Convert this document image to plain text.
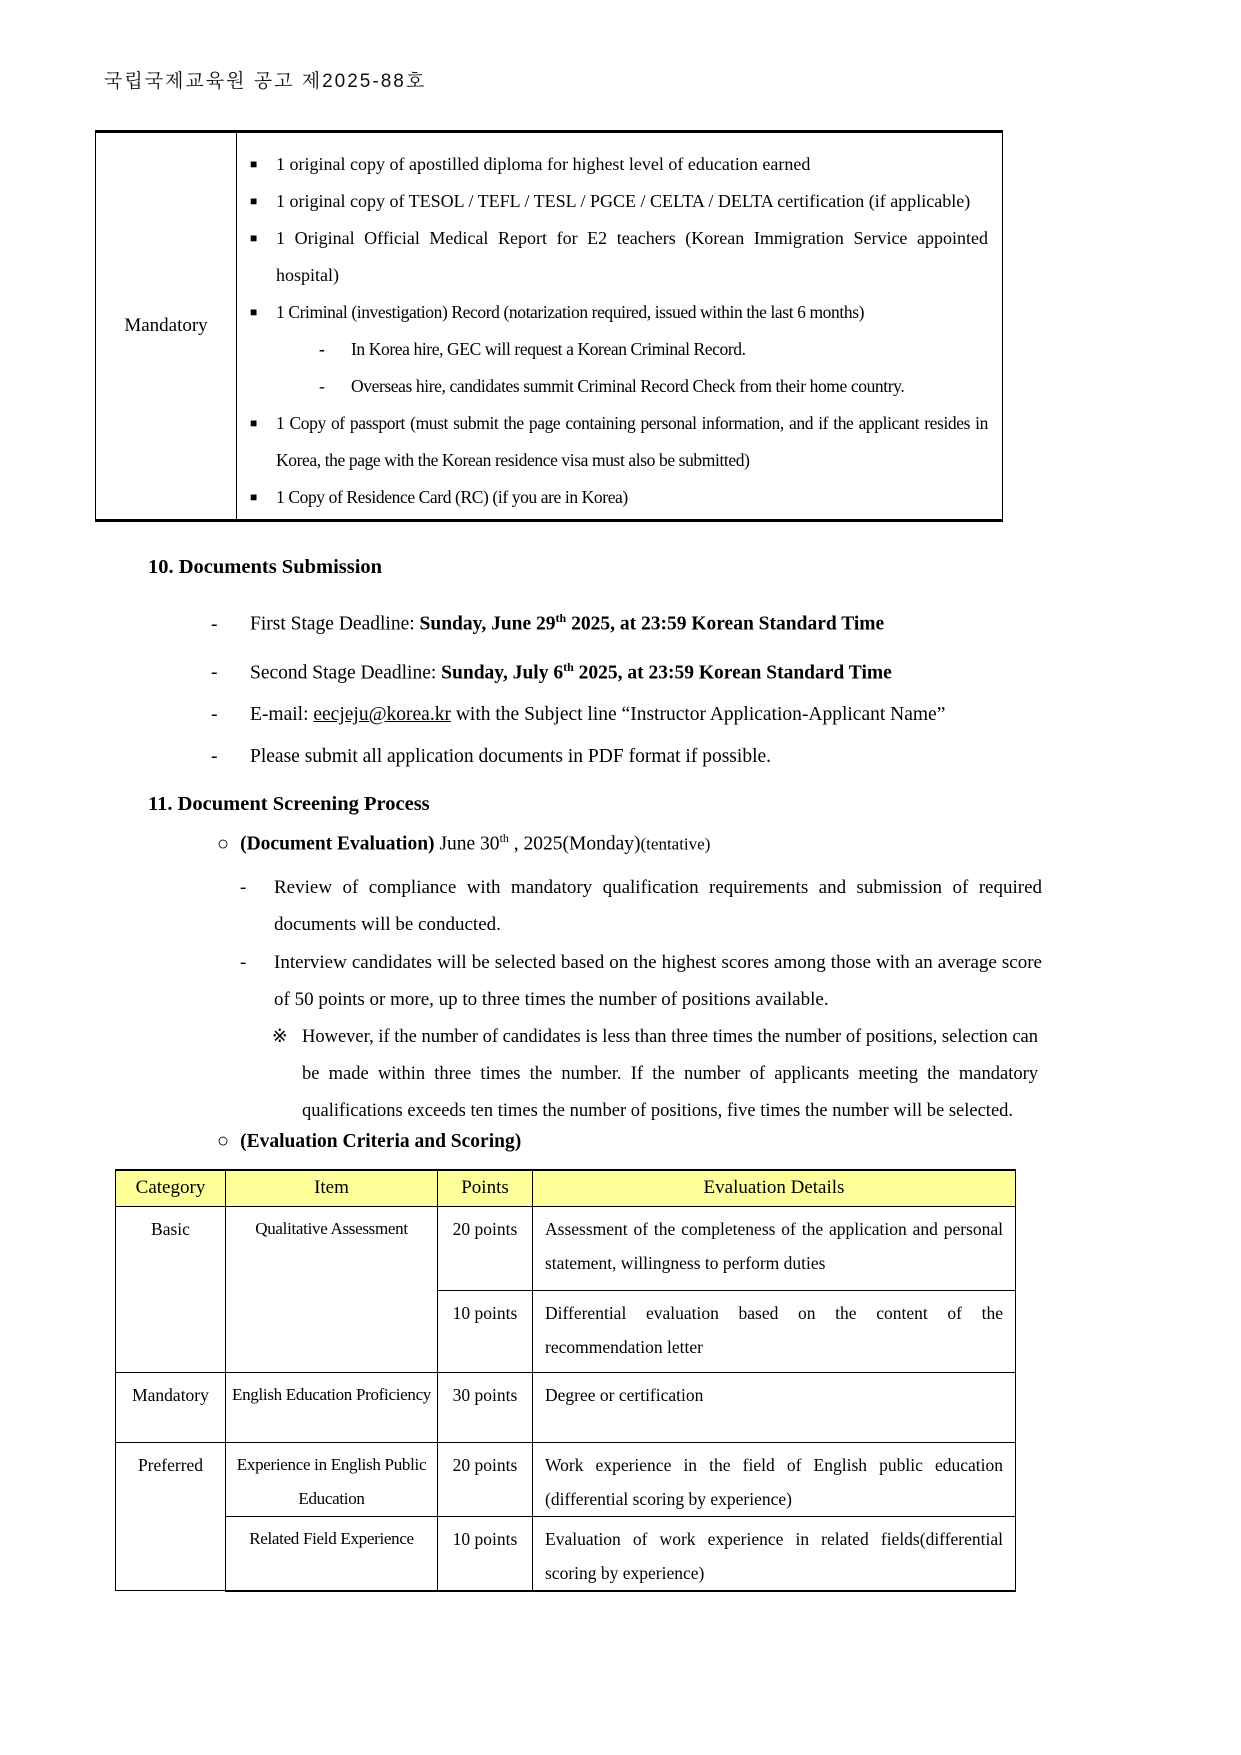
국립국제교육원 공고 제2025-88호
Mandatory
■ 1 original copy of apostilled diploma for highest level of education earned
■ 1 original copy of TESOL / TEFL / TESL / PGCE / CELTA / DELTA certification (if applicable)
■ 1 Original Official Medical Report for E2 teachers (Korean Immigration Service appointed hospital)
■ 1 Criminal (investigation) Record (notarization required, issued within the last 6 months)
- In Korea hire, GEC will request a Korean Criminal Record.
- Overseas hire, candidates summit Criminal Record Check from their home country.
■ 1 Copy of passport (must submit the page containing personal information, and if the applicant resides in Korea, the page with the Korean residence visa must also be submitted)
■ 1 Copy of Residence Card (RC) (if you are in Korea)
10. Documents Submission
- First Stage Deadline: Sunday, June 29th 2025, at 23:59 Korean Standard Time
- Second Stage Deadline: Sunday, July 6th 2025, at 23:59 Korean Standard Time
- E-mail: eecjeju@korea.kr with the Subject line “Instructor Application-Applicant Name”
- Please submit all application documents in PDF format if possible.
11. Document Screening Process
○ (Document Evaluation) June 30th , 2025(Monday)(tentative)
- Review of compliance with mandatory qualification requirements and submission of required documents will be conducted.
- Interview candidates will be selected based on the highest scores among those with an average score of 50 points or more, up to three times the number of positions available.
※ However, if the number of candidates is less than three times the number of positions, selection can be made within three times the number. If the number of applicants meeting the mandatory qualifications exceeds ten times the number of positions, five times the number will be selected.
○ (Evaluation Criteria and Scoring)
Category	Item	Points	Evaluation Details
Basic	Qualitative Assessment	20 points	Assessment of the completeness of the application and personal statement, willingness to perform duties
		10 points	Differential evaluation based on the content of the recommendation letter
Mandatory	English Education Proficiency	30 points	Degree or certification
Preferred	Experience in English Public Education	20 points	Work experience in the field of English public education (differential scoring by experience)
	Related Field Experience	10 points	Evaluation of work experience in related fields(differential scoring by experience)
